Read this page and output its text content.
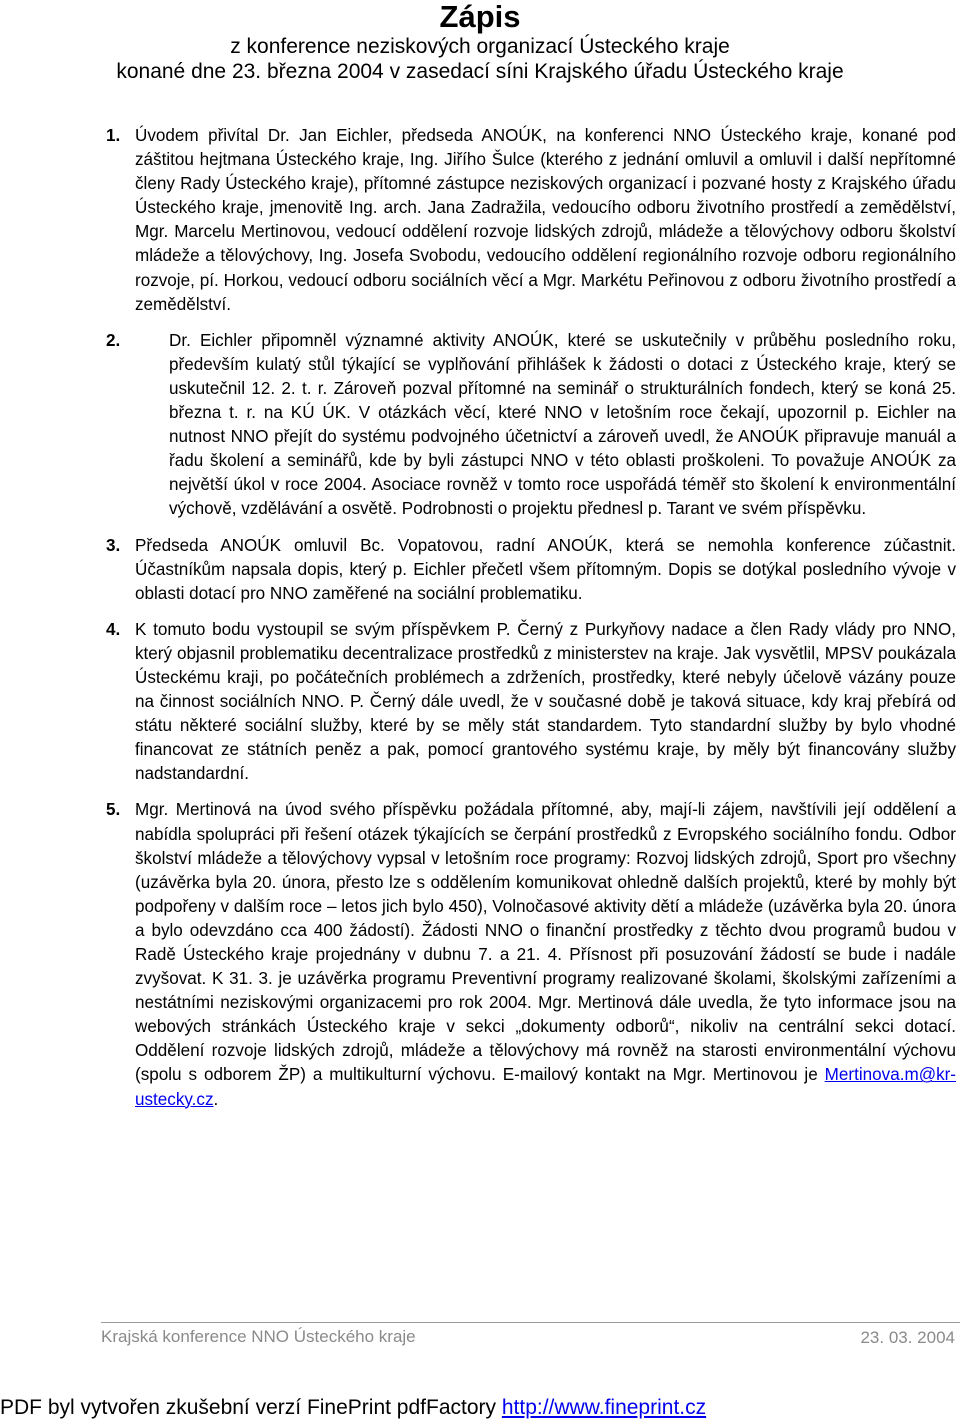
Zápis
z konference neziskových organizací Ústeckého kraje
konané dne 23. března 2004 v zasedací síni Krajského úřadu Ústeckého kraje
1. Úvodem přivítal Dr. Jan Eichler, předseda ANOÚK, na konferenci NNO Ústeckého kraje, konané pod záštitou hejtmana Ústeckého kraje, Ing. Jiřího Šulce (kterého z jednání omluvil a omluvil i další nepřítomné členy Rady Ústeckého kraje), přítomné zástupce neziskových organizací i pozvané hosty z Krajského úřadu Ústeckého kraje, jmenovitě Ing. arch. Jana Zadražila, vedoucího odboru životního prostředí a zemědělství, Mgr. Marcelu Mertinovou, vedoucí oddělení rozvoje lidských zdrojů, mládeže a tělovýchovy odboru školství mládeže a tělovýchovy, Ing. Josefa Svobodu, vedoucího oddělení regionálního rozvoje odboru regionálního rozvoje, pí. Horkou, vedoucí odboru sociálních věcí a Mgr. Markétu Peřinovou z odboru životního prostředí a zemědělství.
2.	Dr. Eichler připomněl významné aktivity ANOÚK, které se uskutečnily v průběhu posledního roku, především kulatý stůl týkající se vyplňování přihlášek k žádosti o dotaci z Ústeckého kraje, který se uskutečnil 12. 2. t. r. Zároveň pozval přítomné na seminář o strukturálních fondech, který se koná 25. března t. r. na KÚ ÚK. V otázkách věcí, které NNO v letošním roce čekají, upozornil p. Eichler na nutnost NNO přejít do systému podvojného účetnictví a zároveň uvedl, že ANOÚK připravuje manuál a řadu školení a seminářů, kde by byli zástupci NNO v této oblasti proškoleni. To považuje ANOÚK za největší úkol v roce 2004. Asociace rovněž v tomto roce uspořádá téměř sto školení k environmentální výchově, vzdělávání a osvětě. Podrobnosti o projektu přednesl p. Tarant ve svém příspěvku.
3. Předseda ANOÚK omluvil Bc. Vopatovou, radní ANOÚK, která se nemohla konference zúčastnit. Účastníkům napsala dopis, který p. Eichler přečetl všem přítomným. Dopis se dotýkal posledního vývoje v oblasti dotací pro NNO zaměřené na sociální problematiku.
4. K tomuto bodu vystoupil se svým příspěvkem P. Černý z Purkyňovy nadace a člen Rady vlády pro NNO, který objasnil problematiku decentralizace prostředků z ministerstev na kraje. Jak vysvětlil, MPSV poukázala Ústeckému kraji, po počátečních problémech a zdrženích, prostředky, které nebyly účelově vázány pouze na činnost sociálních NNO. P. Černý dále uvedl, že v současné době je taková situace, kdy kraj přebírá od státu některé sociální služby, které by se měly stát standardem. Tyto standardní služby by bylo vhodné financovat ze státních peněz a pak, pomocí grantového systému kraje, by měly být financovány služby nadstandardní.
5. Mgr. Mertinová na úvod svého příspěvku požádala přítomné, aby, mají-li zájem, navštívili její oddělení a nabídla spolupráci při řešení otázek týkajících se čerpání prostředků z Evropského sociálního fondu. Odbor školství mládeže a tělovýchovy vypsal v letošním roce programy: Rozvoj lidských zdrojů, Sport pro všechny (uzávěrka byla 20. února, přesto lze s oddělením komunikovat ohledně dalších projektů, které by mohly být podpořeny v dalším roce – letos jich bylo 450), Volnočasové aktivity dětí a mládeže (uzávěrka byla 20. února a bylo odevzdáno cca 400 žádostí). Žádosti NNO o finanční prostředky z těchto dvou programů budou v Radě Ústeckého kraje projednány v dubnu 7. a 21. 4. Přísnost při posuzování žádostí se bude i nadále zvyšovat. K 31. 3. je uzávěrka programu Preventivní programy realizované školami, školskými zařízeními a nestátními neziskovými organizacemi pro rok 2004. Mgr. Mertinová dále uvedla, že tyto informace jsou na webových stránkách Ústeckého kraje v sekci „dokumenty odborů“, nikoliv na centrální sekci dotací. Oddělení rozvoje lidských zdrojů, mládeže a tělovýchovy má rovněž na starosti environmentální výchovu (spolu s odborem ŽP) a multikulturní výchovu. E-mailový kontakt na Mgr. Mertinovou je Mertinova.m@kr-ustecky.cz.
Krajská konference NNO Ústeckého kraje	23. 03. 2004
PDF byl vytvořen zkušební verzí FinePrint pdfFactory http://www.fineprint.cz
